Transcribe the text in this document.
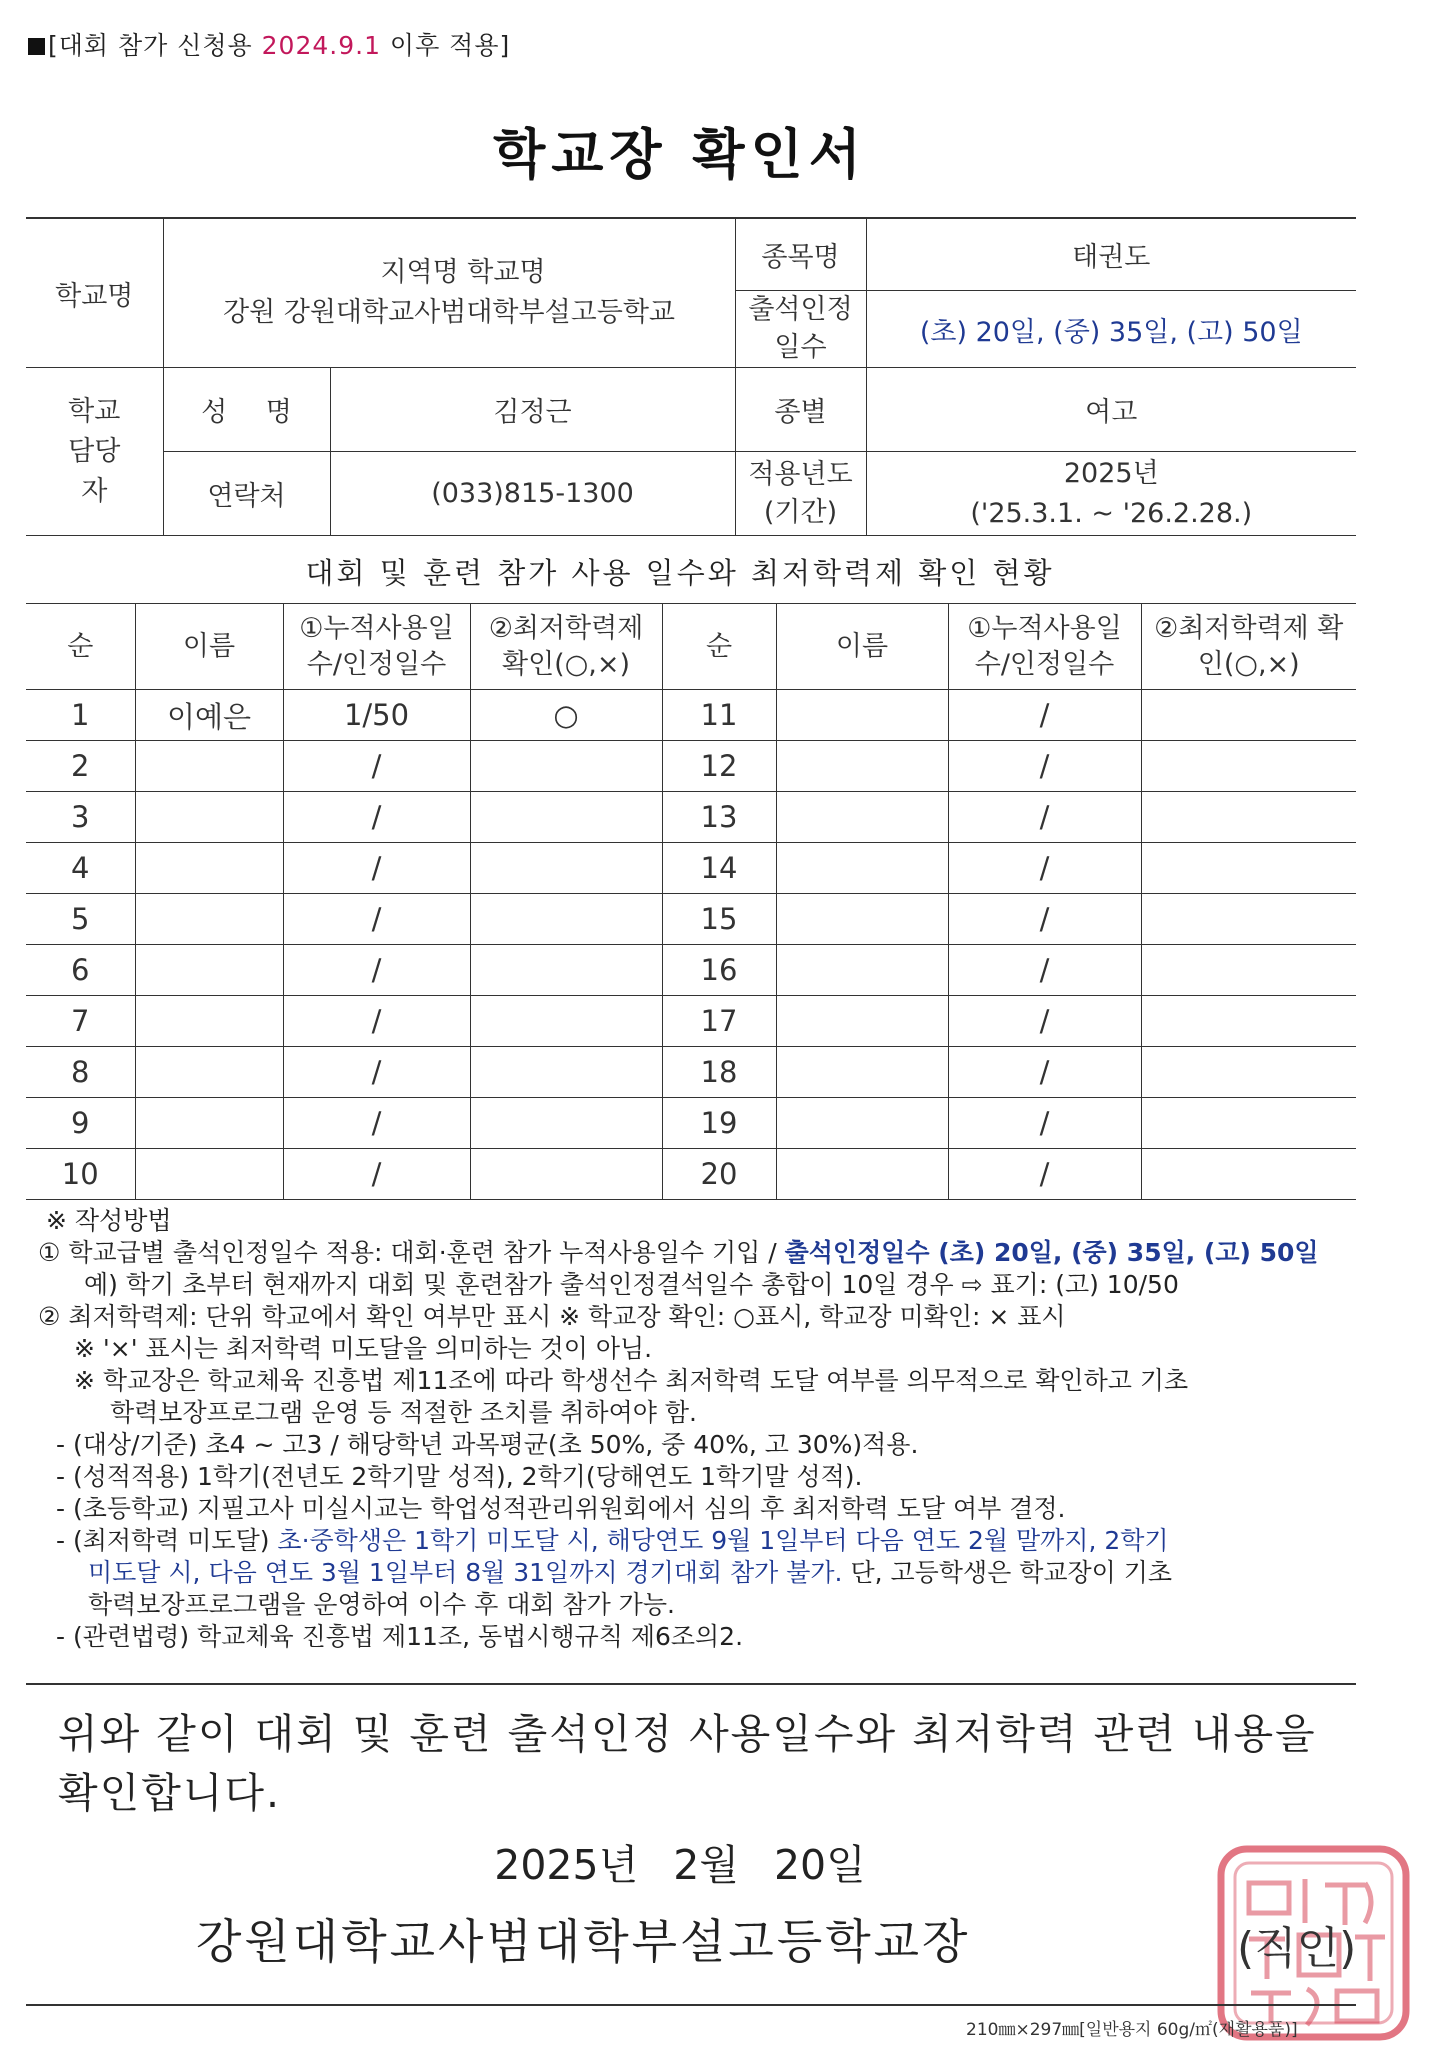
[대회 참가 신청용 2024.9.1 이후 적용]
학교장 확인서
학교명	지역명 학교명
강원 강원대학교사범대학부설고등학교		종목명	태권도
			출석인정일수	(초) 20일, (중) 35일, (고) 50일
학교담당자	성 명	김정근	종별	여고
	연락처	(033)815-1300	적용년도(기간)	2025년
('25.3.1. ~ '26.2.28.)
대회 및 훈련 참가 사용 일수와 최저학력제 확인 현황
순	이름	①누적사용일수/인정일수	②최저학력제 확인(○,×)	순	이름	①누적사용일수/인정일수	②최저학력제 확인(○,×)
1	이예은	1/50	○	11		/	
2		/		12		/	
3		/		13		/	
4		/		14		/	
5		/		15		/	
6		/		16		/	
7		/		17		/	
8		/		18		/	
9		/		19		/	
10		/		20		/	

※ 작성방법

① 학교급별 출석인정일수 적용: 대회·훈련 참가 누적사용일수 기입 / 출석인정일수 (초) 20일, (중) 35일, (고) 50일

예) 학기 초부터 현재까지 대회 및 훈련참가 출석인정결석일수 총합이 10일 경우 ⇨ 표기: (고) 10/50

② 최저학력제: 단위 학교에서 확인 여부만 표시 ※ 학교장 확인: ○표시, 학교장 미확인: × 표시

※ '×' 표시는 최저학력 미도달을 의미하는 것이 아님.

※ 학교장은 학교체육 진흥법 제11조에 따라 학생선수 최저학력 도달 여부를 의무적으로 확인하고 기초

학력보장프로그램 운영 등 적절한 조치를 취하여야 함.

- (대상/기준) 초4 ~ 고3 / 해당학년 과목평균(초 50%, 중 40%, 고 30%)적용.

- (성적적용) 1학기(전년도 2학기말 성적), 2학기(당해연도 1학기말 성적).

- (초등학교) 지필고사 미실시교는 학업성적관리위원회에서 심의 후 최저학력 도달 여부 결정.

- (최저학력 미도달) 초·중학생은 1학기 미도달 시, 해당연도 9월 1일부터 다음 연도 2월 말까지, 2학기

미도달 시, 다음 연도 3월 1일부터 8월 31일까지 경기대회 참가 불가. 단, 고등학생은 학교장이 기초

학력보장프로그램을 운영하여 이수 후 대회 참가 가능.

- (관련법령) 학교체육 진흥법 제11조, 동법시행규칙 제6조의2.

위와 같이 대회 및 훈련 출석인정 사용일수와 최저학력 관련 내용을 확인합니다.
2025년 2월 20일
강원대학교사범대학부설고등학교장	(직인)
210㎜×297㎜[일반용지 60g/㎡(재활용품)]
